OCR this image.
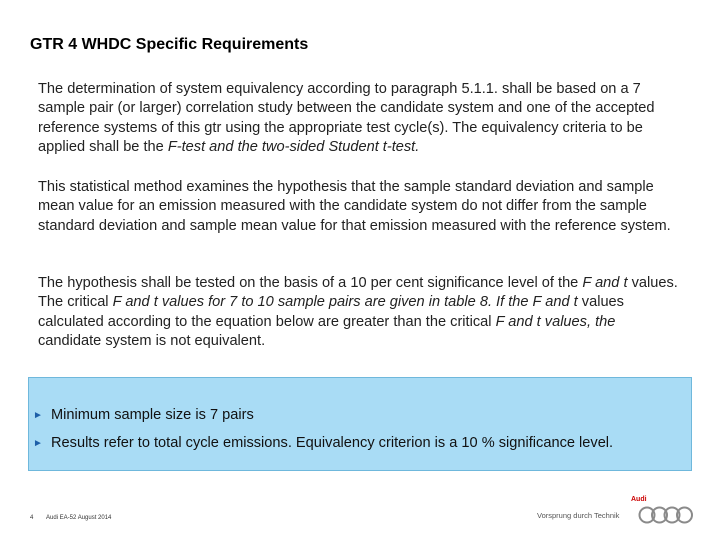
GTR 4 WHDC Specific Requirements
The determination of system equivalency according to paragraph 5.1.1. shall be based on a 7 sample pair (or larger) correlation study between the candidate system and one of the accepted reference systems of this gtr using the appropriate test cycle(s). The equivalency criteria to be applied shall be the F-test and the two-sided Student t-test.
This statistical method examines the hypothesis that the sample standard deviation and sample mean value for an emission measured with the candidate system do not differ from the sample standard deviation and sample mean value for that emission measured with the reference system.
The hypothesis shall be tested on the basis of a 10 per cent significance level of the F and t values. The critical F and t values for 7 to 10 sample pairs are given in table 8. If the F and t values calculated according to the equation below are greater than the critical F and t values, the candidate system is not equivalent.
► Minimum sample size is 7 pairs
► Results refer to total cycle emissions. Equivalency criterion is a 10 % significance level.
4 Audi EA-52 August 2014
Audi
Vorsprung durch Technik
